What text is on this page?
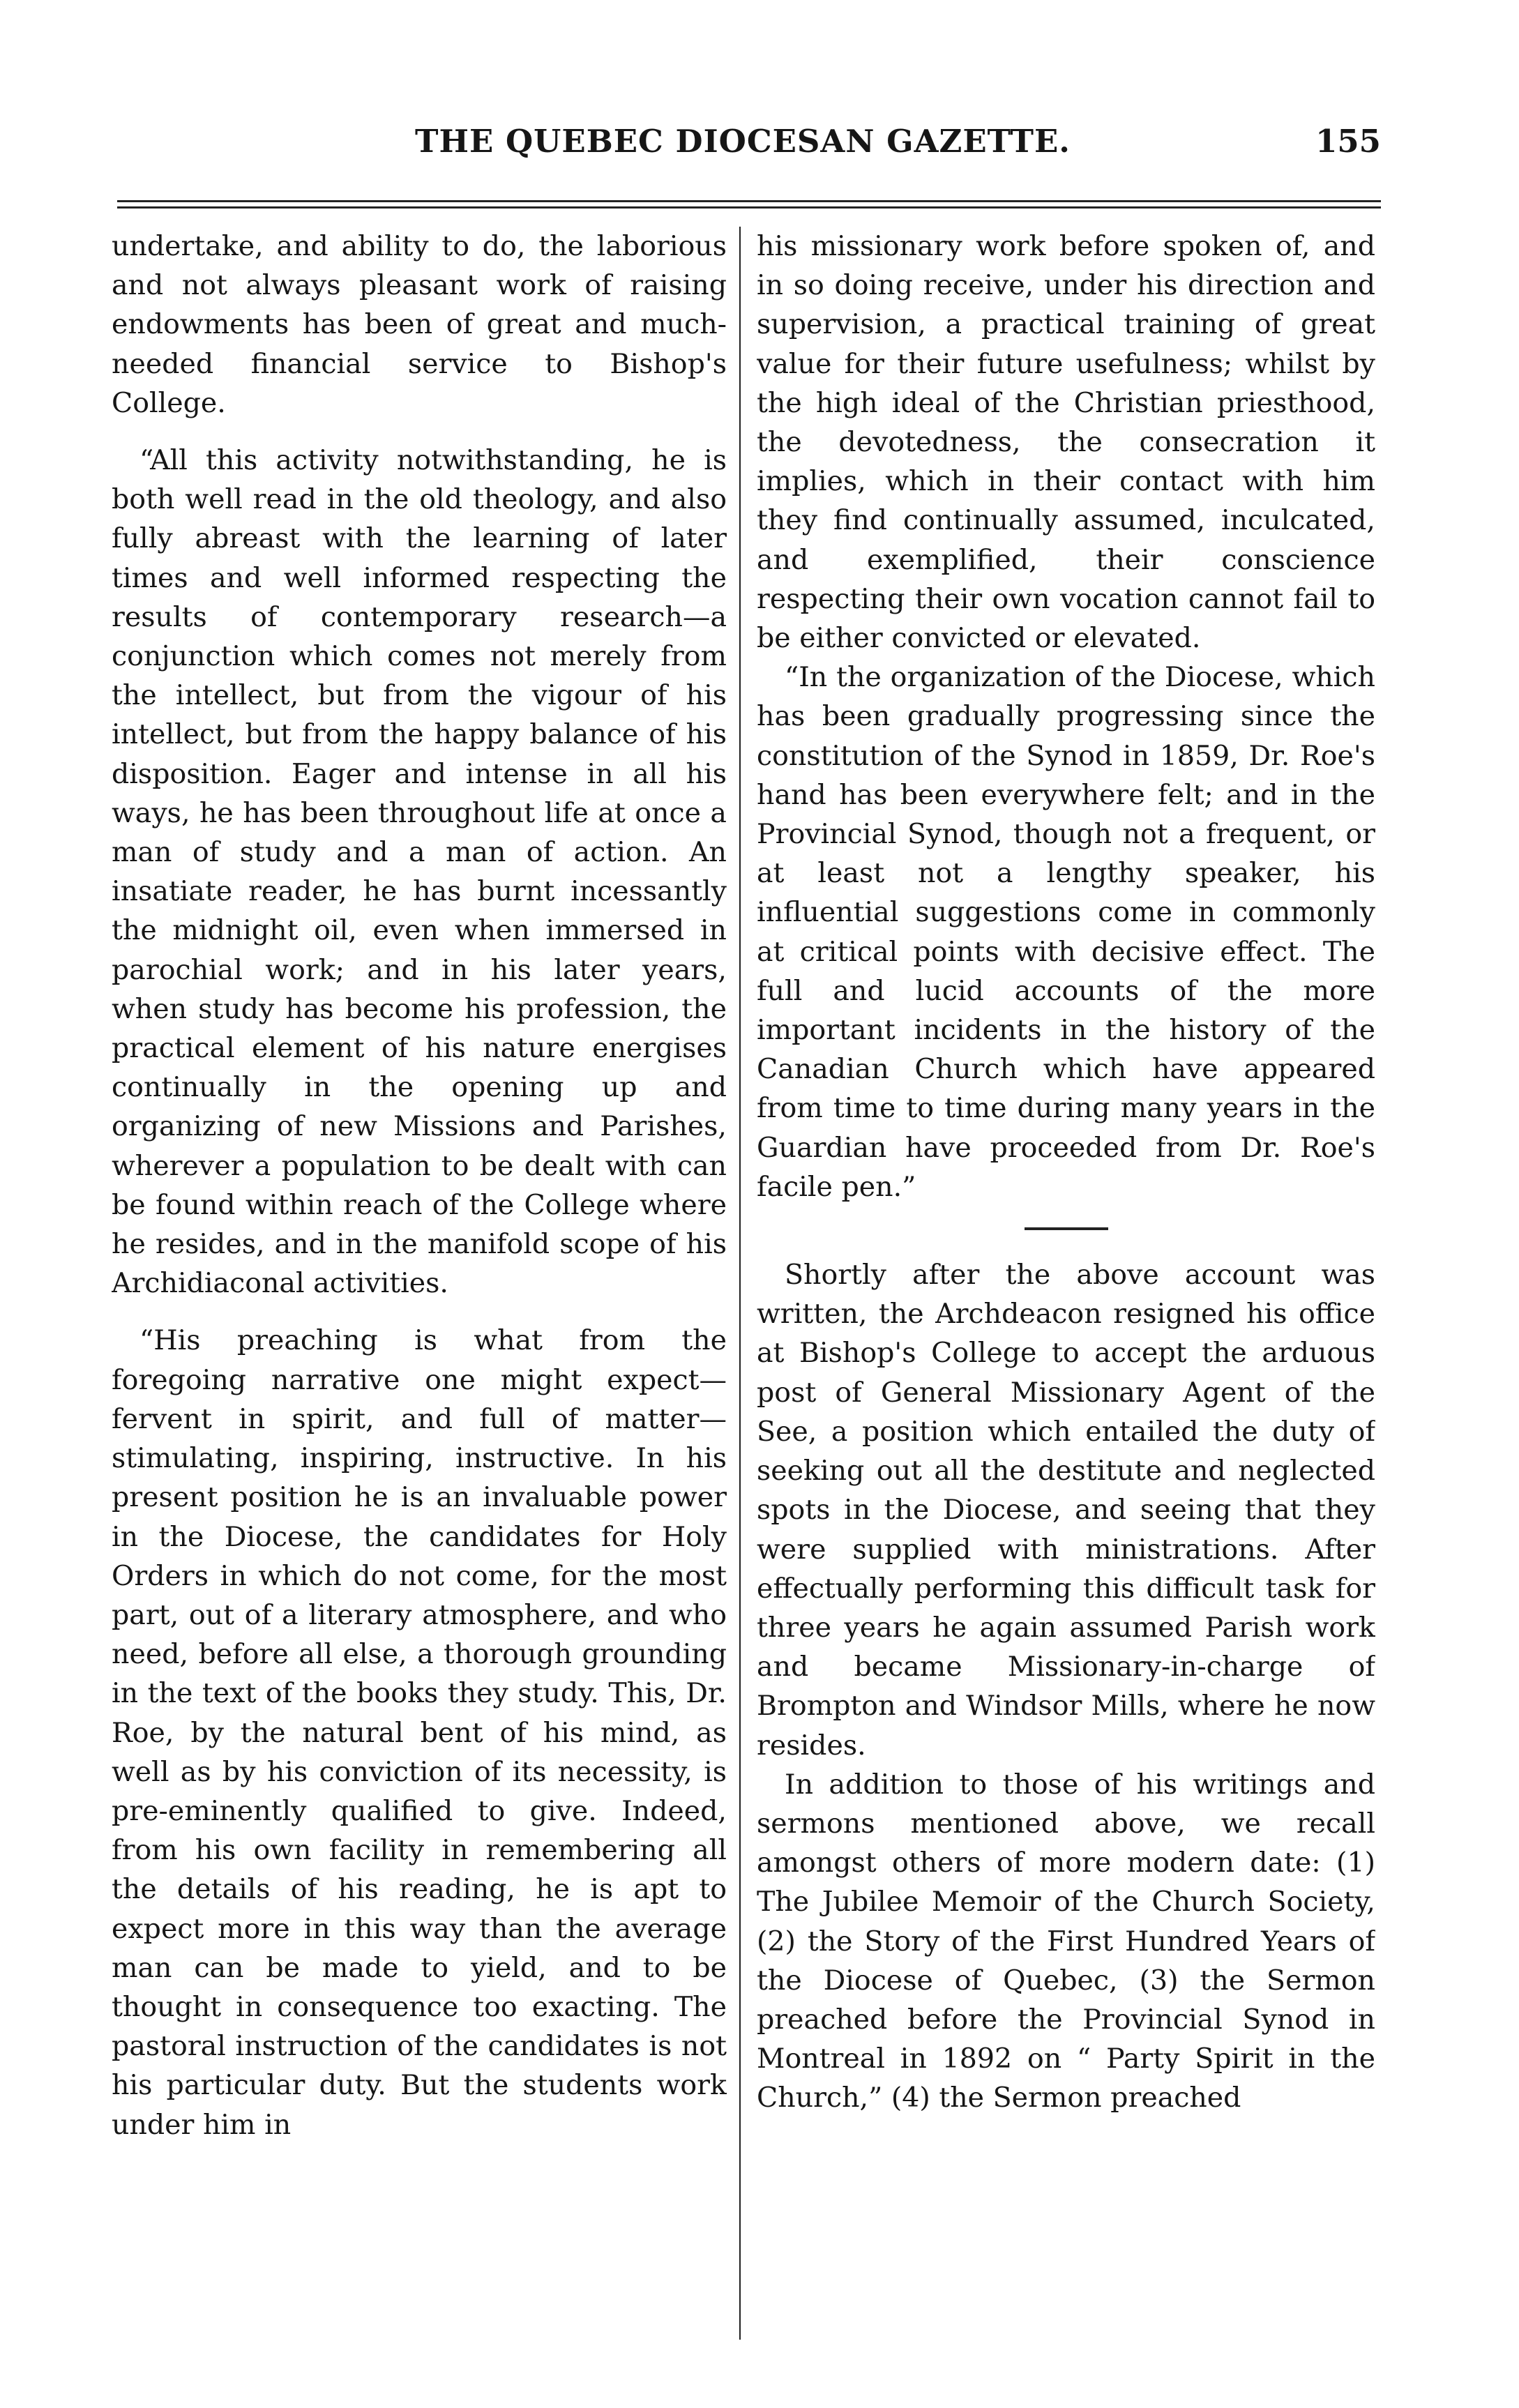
THE QUEBEC DIOCESAN GAZETTE.	155

undertake, and ability to do, the laborious and not always pleasant work of raising endowments has been of great and much-needed financial service to Bishop's College.

“All this activity notwithstanding, he is both well read in the old theology, and also fully abreast with the learning of later times and well informed respecting the results of contemporary research—a conjunction which comes not merely from the intellect, but from the vigour of his intellect, but from the happy balance of his disposition. Eager and intense in all his ways, he has been throughout life at once a man of study and a man of action. An insatiate reader, he has burnt incessantly the midnight oil, even when immersed in parochial work; and in his later years, when study has become his profession, the practical element of his nature energises continually in the opening up and organizing of new Missions and Parishes, wherever a population to be dealt with can be found within reach of the College where he resides, and in the manifold scope of his Archidiaconal activities.

“His preaching is what from the foregoing narrative one might expect—fervent in spirit, and full of matter—stimulating, inspiring, instructive. In his present position he is an invaluable power in the Diocese, the candidates for Holy Orders in which do not come, for the most part, out of a literary atmosphere, and who need, before all else, a thorough grounding in the text of the books they study. This, Dr. Roe, by the natural bent of his mind, as well as by his conviction of its necessity, is pre-eminently qualified to give. Indeed, from his own facility in remembering all the details of his reading, he is apt to expect more in this way than the average man can be made to yield, and to be thought in consequence too exacting. The pastoral instruction of the candidates is not his particular duty. But the students work under him in

his missionary work before spoken of, and in so doing receive, under his direction and supervision, a practical training of great value for their future usefulness; whilst by the high ideal of the Christian priesthood, the devotedness, the consecration it implies, which in their contact with him they find continually assumed, inculcated, and exemplified, their conscience respecting their own vocation cannot fail to be either convicted or elevated.

“In the organization of the Diocese, which has been gradually progressing since the constitution of the Synod in 1859, Dr. Roe's hand has been everywhere felt; and in the Provincial Synod, though not a frequent, or at least not a lengthy speaker, his influential suggestions come in commonly at critical points with decisive effect. The full and lucid accounts of the more important incidents in the history of the Canadian Church which have appeared from time to time during many years in the Guardian have proceeded from Dr. Roe's facile pen.”

Shortly after the above account was written, the Archdeacon resigned his office at Bishop's College to accept the arduous post of General Missionary Agent of the See, a position which entailed the duty of seeking out all the destitute and neglected spots in the Diocese, and seeing that they were supplied with ministrations. After effectually performing this difficult task for three years he again assumed Parish work and became Missionary-in-charge of Brompton and Windsor Mills, where he now resides.

In addition to those of his writings and sermons mentioned above, we recall amongst others of more modern date: (1) The Jubilee Memoir of the Church Society, (2) the Story of the First Hundred Years of the Diocese of Quebec, (3) the Sermon preached before the Provincial Synod in Montreal in 1892 on “ Party Spirit in the Church,” (4) the Sermon preached
